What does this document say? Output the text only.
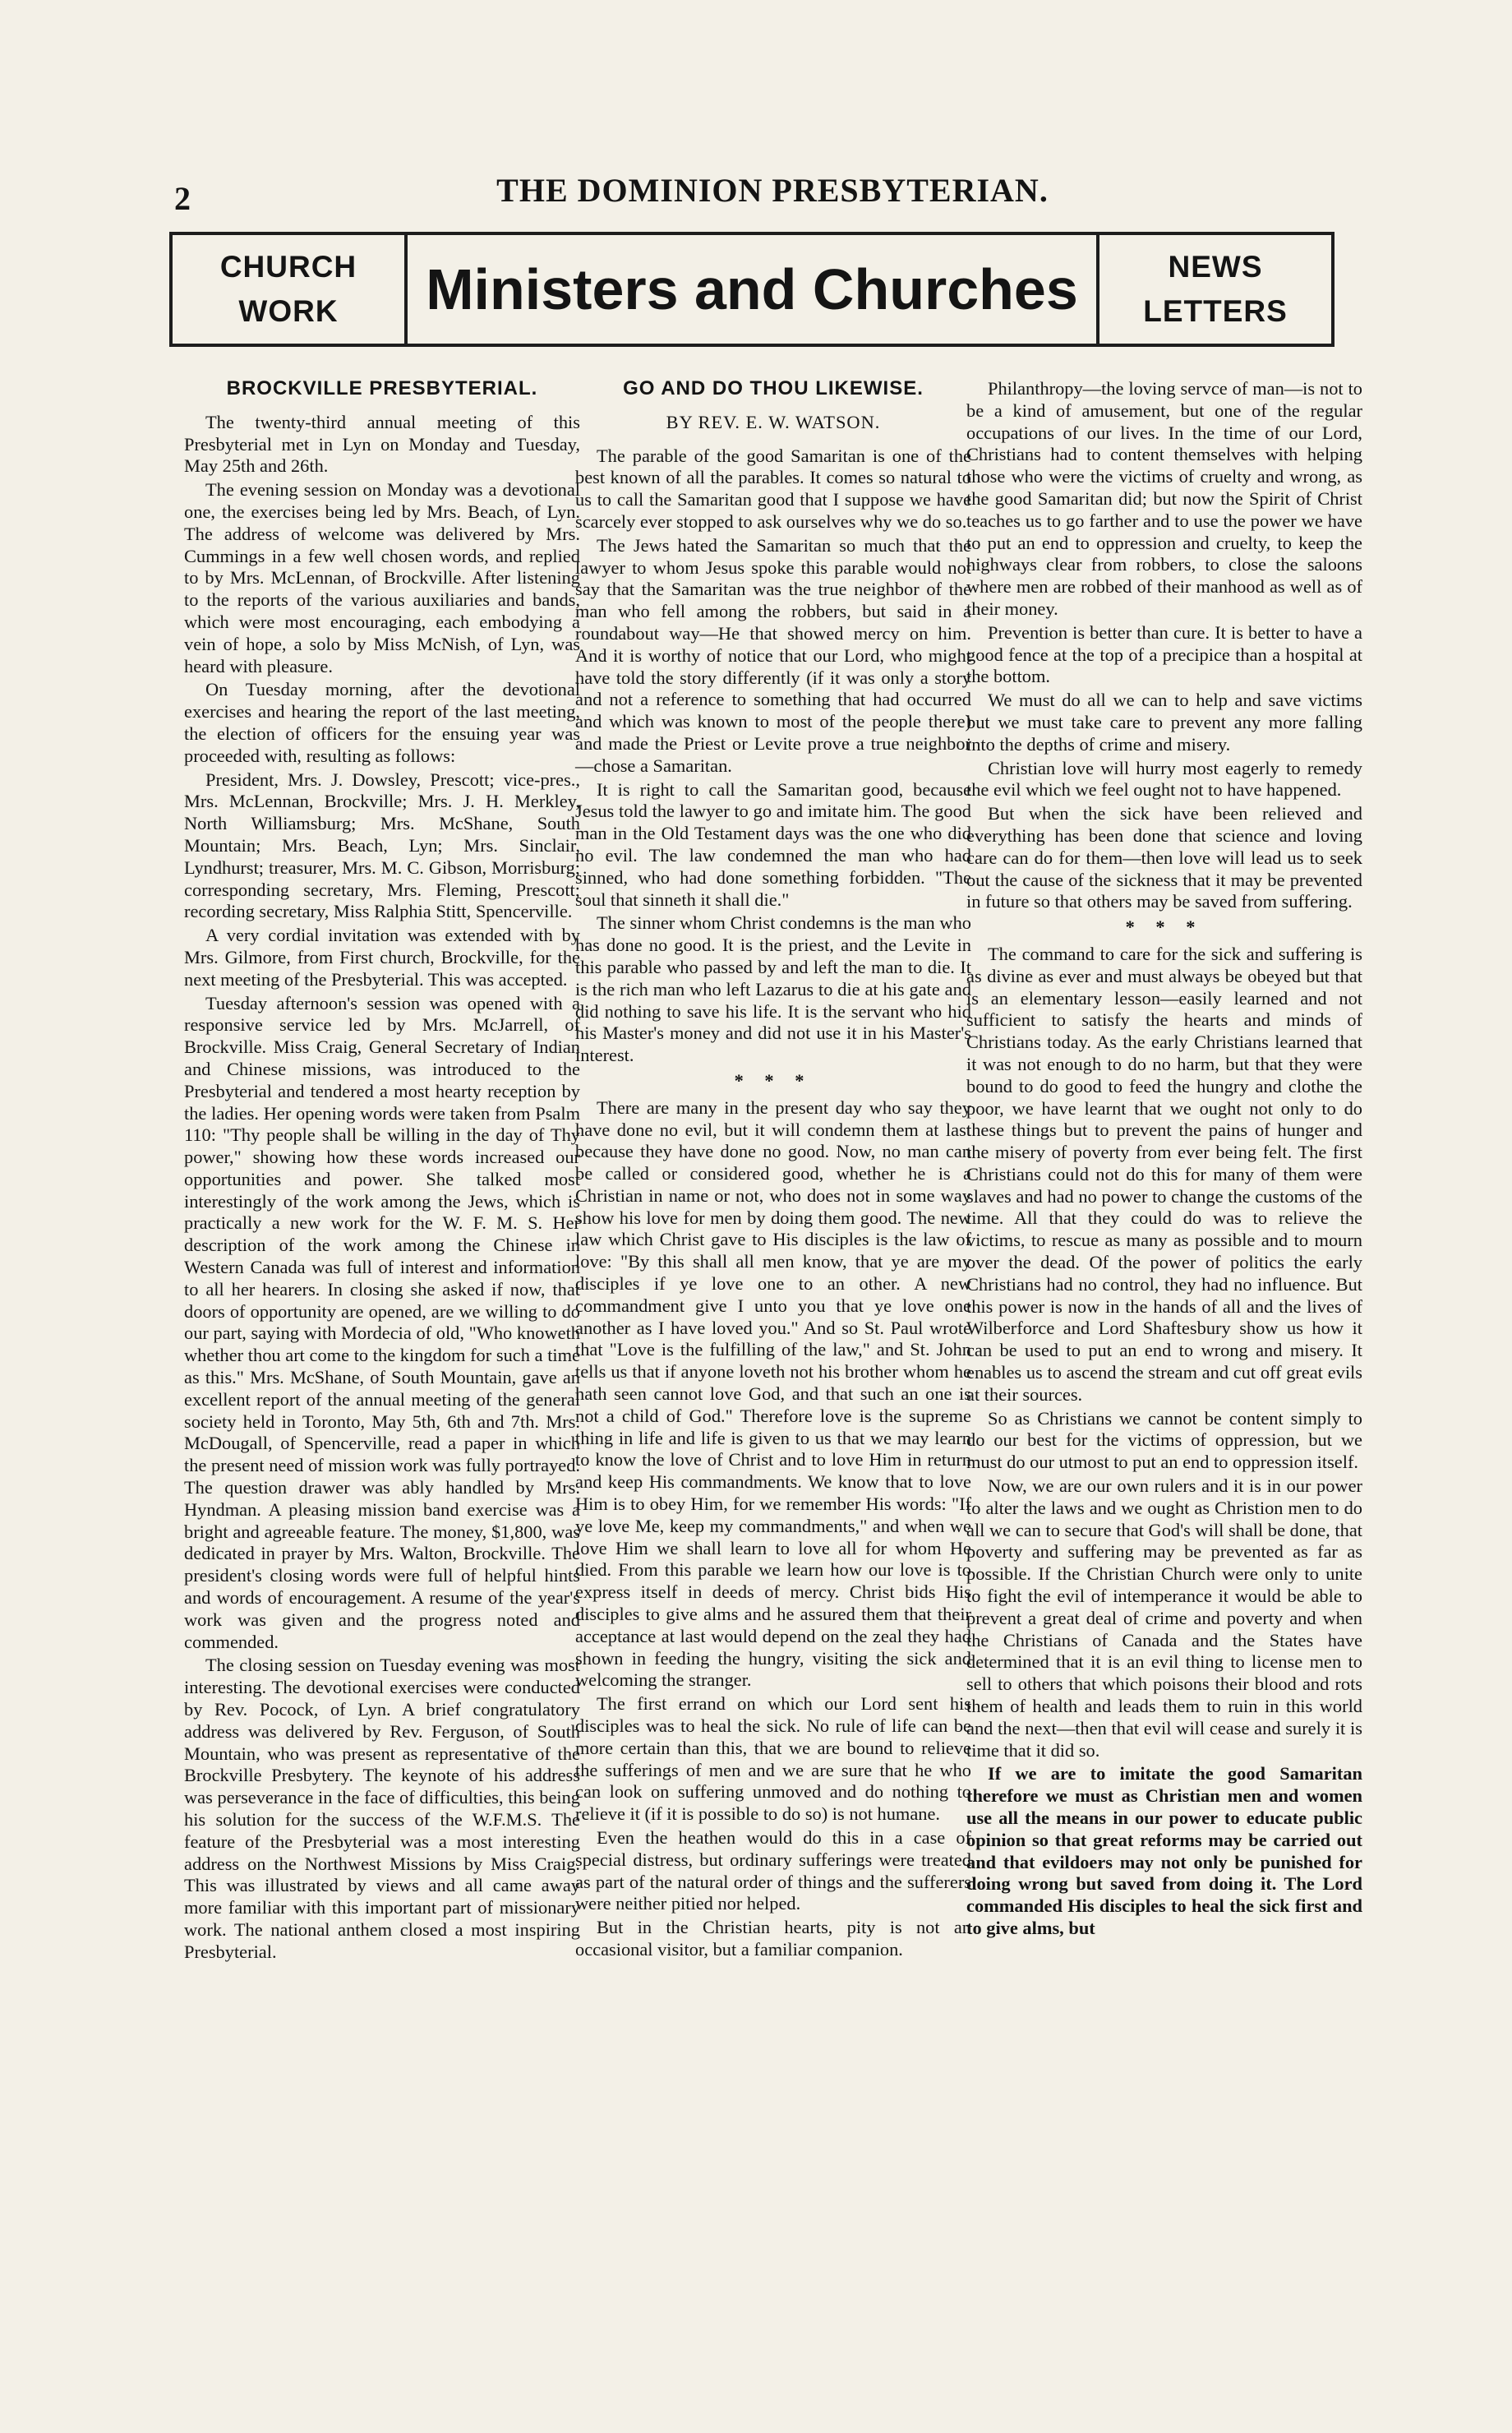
2	THE DOMINION PRESBYTERIAN.
CHURCH
WORK	Ministers and Churches	NEWS
LETTERS
BROCKVILLE PRESBYTERIAL.

The twenty-third annual meeting of this Presbyterial met in Lyn on Monday and Tuesday, May 25th and 26th.

The evening session on Monday was a devotional one, the exercises being led by Mrs. Beach, of Lyn. The address of welcome was delivered by Mrs. Cummings in a few well chosen words, and replied to by Mrs. McLennan, of Brockville. After listening to the reports of the various auxiliaries and bands, which were most encouraging, each embodying a vein of hope, a solo by Miss McNish, of Lyn, was heard with pleasure.

On Tuesday morning, after the devotional exercises and hearing the report of the last meeting, the election of officers for the ensuing year was proceeded with, resulting as follows:

President, Mrs. J. Dowsley, Prescott; vice-pres., Mrs. McLennan, Brockville; Mrs. J. H. Merkley, North Williamsburg; Mrs. McShane, South Mountain; Mrs. Beach, Lyn; Mrs. Sinclair, Lyndhurst; treasurer, Mrs. M. C. Gibson, Morrisburg; corresponding secretary, Mrs. Fleming, Prescott; recording secretary, Miss Ralphia Stitt, Spencerville.

A very cordial invitation was extended with by Mrs. Gilmore, from First church, Brockville, for the next meeting of the Presbyterial. This was accepted.

Tuesday afternoon's session was opened with a responsive service led by Mrs. McJarrell, of Brockville. Miss Craig, General Secretary of Indian and Chinese missions, was introduced to the Presbyterial and tendered a most hearty reception by the ladies. Her opening words were taken from Psalm 110: "Thy people shall be willing in the day of Thy power," showing how these words increased our opportunities and power. She talked most interestingly of the work among the Jews, which is practically a new work for the W. F. M. S. Her description of the work among the Chinese in Western Canada was full of interest and information to all her hearers. In closing she asked if now, that doors of opportunity are opened, are we willing to do our part, saying with Mordecia of old, "Who knoweth whether thou art come to the kingdom for such a time as this." Mrs. McShane, of South Mountain, gave an excellent report of the annual meeting of the general society held in Toronto, May 5th, 6th and 7th. Mrs. McDougall, of Spencerville, read a paper in which the present need of mission work was fully portrayed. The question drawer was ably handled by Mrs. Hyndman. A pleasing mission band exercise was a bright and agreeable feature. The money, $1,800, was dedicated in prayer by Mrs. Walton, Brockville. The president's closing words were full of helpful hints and words of encouragement. A resume of the year's work was given and the progress noted and commended.

The closing session on Tuesday evening was most interesting. The devotional exercises were conducted by Rev. Pocock, of Lyn. A brief congratulatory address was delivered by Rev. Ferguson, of South Mountain, who was present as representative of the Brockville Presbytery. The keynote of his address was perseverance in the face of difficulties, this being his solution for the success of the W.F.M.S. The feature of the Presbyterial was a most interesting address on the Northwest Missions by Miss Craig. This was illustrated by views and all came away more familiar with this important part of missionary work. The national anthem closed a most inspiring Presbyterial.

GO AND DO THOU LIKEWISE.
BY REV. E. W. WATSON.

The parable of the good Samaritan is one of the best known of all the parables. It comes so natural to us to call the Samaritan good that I suppose we have scarcely ever stopped to ask ourselves why we do so.

The Jews hated the Samaritan so much that the lawyer to whom Jesus spoke this parable would not say that the Samaritan was the true neighbor of the man who fell among the robbers, but said in a roundabout way—He that showed mercy on him. And it is worthy of notice that our Lord, who might have told the story differently (if it was only a story and not a reference to something that had occurred and which was known to most of the people there) and made the Priest or Levite prove a true neighbor—chose a Samaritan.

It is right to call the Samaritan good, because Jesus told the lawyer to go and imitate him. The good man in the Old Testament days was the one who did no evil. The law condemned the man who had sinned, who had done something forbidden. "The soul that sinneth it shall die."

The sinner whom Christ condemns is the man who has done no good. It is the priest, and the Levite in this parable who passed by and left the man to die. It is the rich man who left Lazarus to die at his gate and did nothing to save his life. It is the servant who hid his Master's money and did not use it in his Master's interest.

* * *

There are many in the present day who say they have done no evil, but it will condemn them at last because they have done no good. Now, no man can be called or considered good, whether he is a Christian in name or not, who does not in some way show his love for men by doing them good. The new law which Christ gave to His disciples is the law of love: "By this shall all men know, that ye are my disciples if ye love one to an other. A new commandment give I unto you that ye love one another as I have loved you." And so St. Paul wrote that "Love is the fulfilling of the law," and St. John tells us that if anyone loveth not his brother whom he hath seen cannot love God, and that such an one is not a child of God." Therefore love is the supreme thing in life and life is given to us that we may learn to know the love of Christ and to love Him in return and keep His commandments. We know that to love Him is to obey Him, for we remember His words: "If ye love Me, keep my commandments," and when we love Him we shall learn to love all for whom He died. From this parable we learn how our love is to express itself in deeds of mercy. Christ bids His disciples to give alms and he assured them that their acceptance at last would depend on the zeal they had shown in feeding the hungry, visiting the sick and welcoming the stranger.

The first errand on which our Lord sent his disciples was to heal the sick. No rule of life can be more certain than this, that we are bound to relieve the sufferings of men and we are sure that he who can look on suffering unmoved and do nothing to relieve it (if it is possible to do so) is not humane.

Even the heathen would do this in a case of special distress, but ordinary sufferings were treated as part of the natural order of things and the sufferers were neither pitied nor helped.

But in the Christian hearts, pity is not an occasional visitor, but a familiar companion.

Philanthropy—the loving servce of man—is not to be a kind of amusement, but one of the regular occupations of our lives. In the time of our Lord, Christians had to content themselves with helping those who were the victims of cruelty and wrong, as the good Samaritan did; but now the Spirit of Christ teaches us to go farther and to use the power we have to put an end to oppression and cruelty, to keep the highways clear from robbers, to close the saloons where men are robbed of their manhood as well as of their money.

Prevention is better than cure. It is better to have a good fence at the top of a precipice than a hospital at the bottom.

We must do all we can to help and save victims but we must take care to prevent any more falling into the depths of crime and misery.

Christian love will hurry most eagerly to remedy the evil which we feel ought not to have happened.

But when the sick have been relieved and everything has been done that science and loving care can do for them—then love will lead us to seek out the cause of the sickness that it may be prevented in future so that others may be saved from suffering.

* * *

The command to care for the sick and suffering is as divine as ever and must always be obeyed but that is an elementary lesson—easily learned and not sufficient to satisfy the hearts and minds of Christians today. As the early Christians learned that it was not enough to do no harm, but that they were bound to do good to feed the hungry and clothe the poor, we have learnt that we ought not only to do these things but to prevent the pains of hunger and the misery of poverty from ever being felt. The first Christians could not do this for many of them were slaves and had no power to change the customs of the time. All that they could do was to relieve the victims, to rescue as many as possible and to mourn over the dead. Of the power of politics the early Christians had no control, they had no influence. But this power is now in the hands of all and the lives of Wilberforce and Lord Shaftesbury show us how it can be used to put an end to wrong and misery. It enables us to ascend the stream and cut off great evils at their sources.

So as Christians we cannot be content simply to do our best for the victims of oppression, but we must do our utmost to put an end to oppression itself.

Now, we are our own rulers and it is in our power to alter the laws and we ought as Christion men to do all we can to secure that God's will shall be done, that poverty and suffering may be prevented as far as possible. If the Christian Church were only to unite to fight the evil of intemperance it would be able to prevent a great deal of crime and poverty and when the Christians of Canada and the States have determined that it is an evil thing to license men to sell to others that which poisons their blood and rots them of health and leads them to ruin in this world and the next—then that evil will cease and surely it is time that it did so.

If we are to imitate the good Samaritan therefore we must as Christian men and women use all the means in our power to educate public opinion so that great reforms may be carried out and that evildoers may not only be punished for doing wrong but saved from doing it. The Lord commanded His disciples to heal the sick first and to give alms, but
